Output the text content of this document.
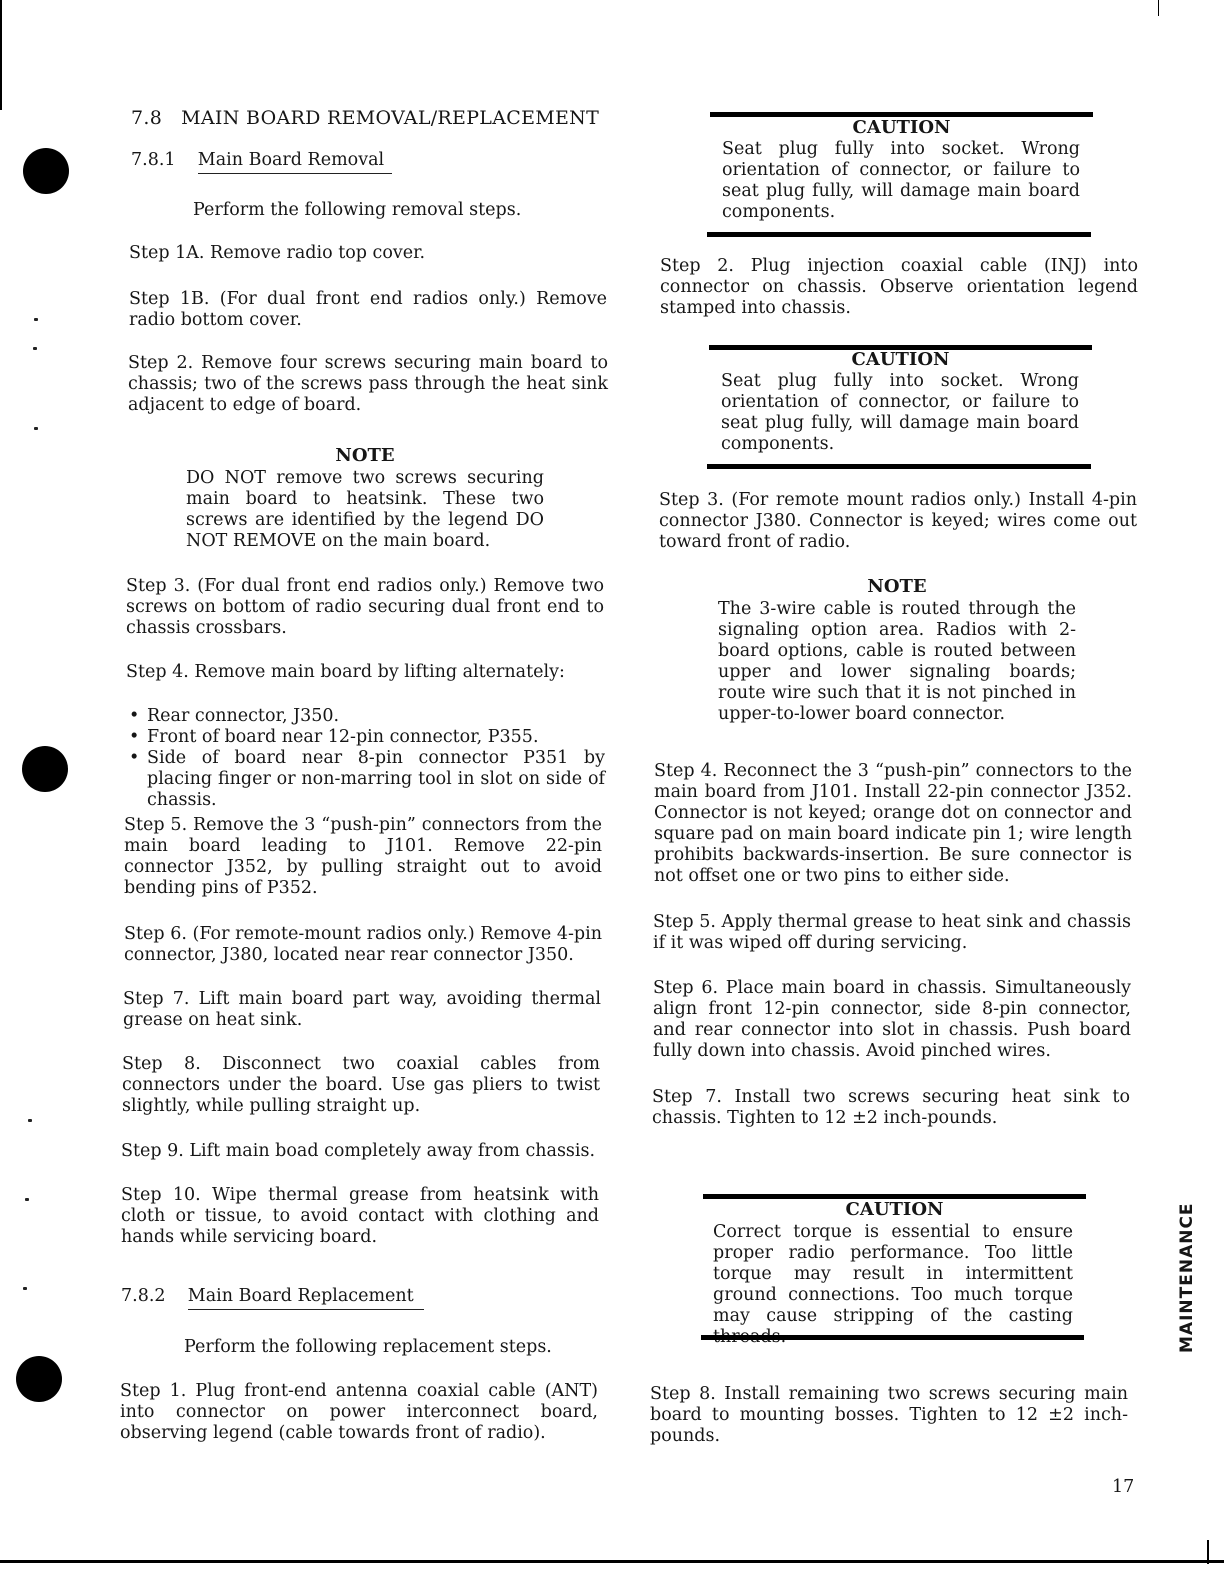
7.8 MAIN BOARD REMOVAL/REPLACEMENT
7.8.1 Main Board Removal
Perform the following removal steps.
Step 1A. Remove radio top cover.
Step 1B. (For dual front end radios only.) Remove radio bottom cover.
Step 2. Remove four screws securing main board to chassis; two of the screws pass through the heat sink adjacent to edge of board.
NOTE
DO NOT remove two screws securing main board to heatsink. These two screws are identified by the legend DO NOT REMOVE on the main board.
Step 3. (For dual front end radios only.) Remove two screws on bottom of radio securing dual front end to chassis crossbars.
Step 4. Remove main board by lifting alternately:
• Rear connector, J350.
• Front of board near 12-pin connector, P355.
• Side of board near 8-pin connector P351 by placing finger or non-marring tool in slot on side of chassis.
Step 5. Remove the 3 “push-pin” connectors from the main board leading to J101. Remove 22-pin connector J352, by pulling straight out to avoid bending pins of P352.
Step 6. (For remote-mount radios only.) Remove 4-pin connector, J380, located near rear connector J350.
Step 7. Lift main board part way, avoiding thermal grease on heat sink.
Step 8. Disconnect two coaxial cables from connectors under the board. Use gas pliers to twist slightly, while pulling straight up.
Step 9. Lift main boad completely away from chassis.
Step 10. Wipe thermal grease from heatsink with cloth or tissue, to avoid contact with clothing and hands while servicing board.
7.8.2 Main Board Replacement
Perform the following replacement steps.
Step 1. Plug front-end antenna coaxial cable (ANT) into connector on power interconnect board, observing legend (cable towards front of radio).
CAUTION
Seat plug fully into socket. Wrong orientation of connector, or failure to seat plug fully, will damage main board components.
Step 2. Plug injection coaxial cable (INJ) into connector on chassis. Observe orientation legend stamped into chassis.
CAUTION
Seat plug fully into socket. Wrong orientation of connector, or failure to seat plug fully, will damage main board components.
Step 3. (For remote mount radios only.) Install 4-pin connector J380. Connector is keyed; wires come out toward front of radio.
NOTE
The 3-wire cable is routed through the signaling option area. Radios with 2-board options, cable is routed between upper and lower signaling boards; route wire such that it is not pinched in upper-to-lower board connector.
Step 4. Reconnect the 3 “push-pin” connectors to the main board from J101. Install 22-pin connector J352. Connector is not keyed; orange dot on connector and square pad on main board indicate pin 1; wire length prohibits backwards-insertion. Be sure connector is not offset one or two pins to either side.
Step 5. Apply thermal grease to heat sink and chassis if it was wiped off during servicing.
Step 6. Place main board in chassis. Simultaneously align front 12-pin connector, side 8-pin connector, and rear connector into slot in chassis. Push board fully down into chassis. Avoid pinched wires.
Step 7. Install two screws securing heat sink to chassis. Tighten to 12 ±2 inch-pounds.
CAUTION
Correct torque is essential to ensure proper radio performance. Too little torque may result in intermittent ground connections. Too much torque may cause stripping of the casting
Step 8. Install remaining two screws securing main board to mounting bosses. Tighten to 12 ±2 inch-pounds.
MAINTENANCE
17
